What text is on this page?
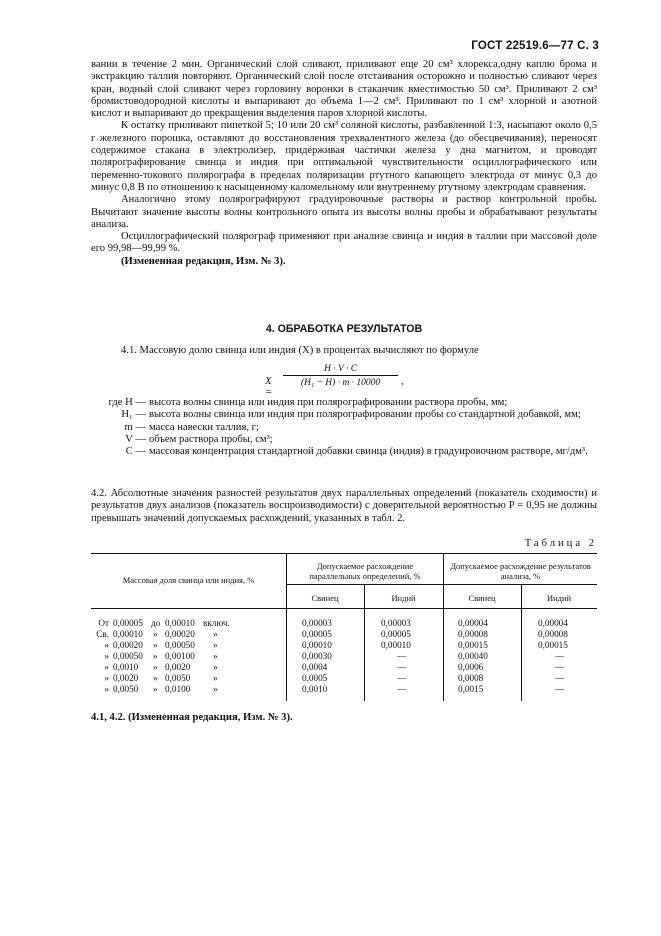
ГОСТ 22519.6—77 С. 3

вании в течение 2 мин. Органический слой сливают, приливают еще 20 см³ хлорекса,одну каплю брома и экстракцию таллия повторяют. Органический слой после отстаивания осторожно и полностью сливают через кран, водный слой сливают через горловину воронки в стаканчик вместимостью 50 см³. Приливают 2 см³ бромистоводородной кислоты и выпаривают до объема 1—2 см³. Приливают по 1 см³ хлорной и азотной кислот и выпаривают до прекращения выделения паров хлорной кислоты.

К остатку приливают пипеткой 5; 10 или 20 см³ соляной кислоты, разбавленной 1:3, насыпают около 0,5 г железного порошка, оставляют до восстановления трехвалентного железа (до обесцвечивания), переносят содержимое стакана в электролизер, придерживая частички железа у дна магнитом, и проводят полярографирование свинца и индия при оптимальной чувствительности осциллографического или переменно-токового полярографа в пределах поляризации ртутного капающего электрода от минус 0,3 до минус 0,8 В по отношению к насыщенному каломельному или внутреннему ртутному электродам сравнения.

Аналогично этому полярографируют градуировочные растворы и раствор контрольной пробы. Вычитают значение высоты волны контрольного опыта из высоты волны пробы и обрабатывают результаты анализа.

Осциллографический полярограф применяют при анализе свинца и индия в таллии при массовой доле его 99,98—99,99 %.

(Измененная редакция, Изм. № 3).

4. ОБРАБОТКА РЕЗУЛЬТАТОВ
4.1. Массовую долю свинца или индия (X) в процентах вычисляют по формуле
X =
$\frac{H \cdot V \cdot C}{\text{(H₁ − H) · m · 10000}}$ ,
где H — высота волны свинца или индия при полярографировании раствора пробы, мм;
H₁ — высота волны свинца или индия при полярографировании пробы со стандартной добавкой, мм;
m — масса навески таллия, г;
V — объем раствора пробы, см³;
C — массовая концентрация стандартной добавки свинца (индия) в градуировочном растворе, мг/дм³.
4.2. Абсолютные значения разностей результатов двух параллельных определений (показатель сходимости) и результатов двух анализов (показатель воспроизводимости) с доверительной вероятностью P = 0,95 не должны превышать значений допускаемых расхождений, указанных в табл. 2.
Таблица 2
Массовая доля свинца или индия, %
Допускаемое расхождение параллельных определений, %
Допускаемое расхождение результатов анализа, %
Свинец	Индий	Свинец	Индий
От 0,00005 до 0,00010 включ.	0,00003	0,00003	0,00004	0,00004
Св. 0,00010 » 0,00020 »	0,00005	0,00005	0,00008	0,00008
» 0,00020 » 0,00050 »	0,00010	0,00010	0,00015	0,00015
» 0,00050 » 0,00100 »	0,00030	—	0,00040	—
» 0,0010 » 0,0020 »	0,0004	—	0,0006	—
» 0,0020 » 0,0050 »	0,0005	—	0,0008	—
» 0,0050 » 0,0100 »	0,0010	—	0,0015	—
4.1, 4.2. (Измененная редакция, Изм. № 3).
